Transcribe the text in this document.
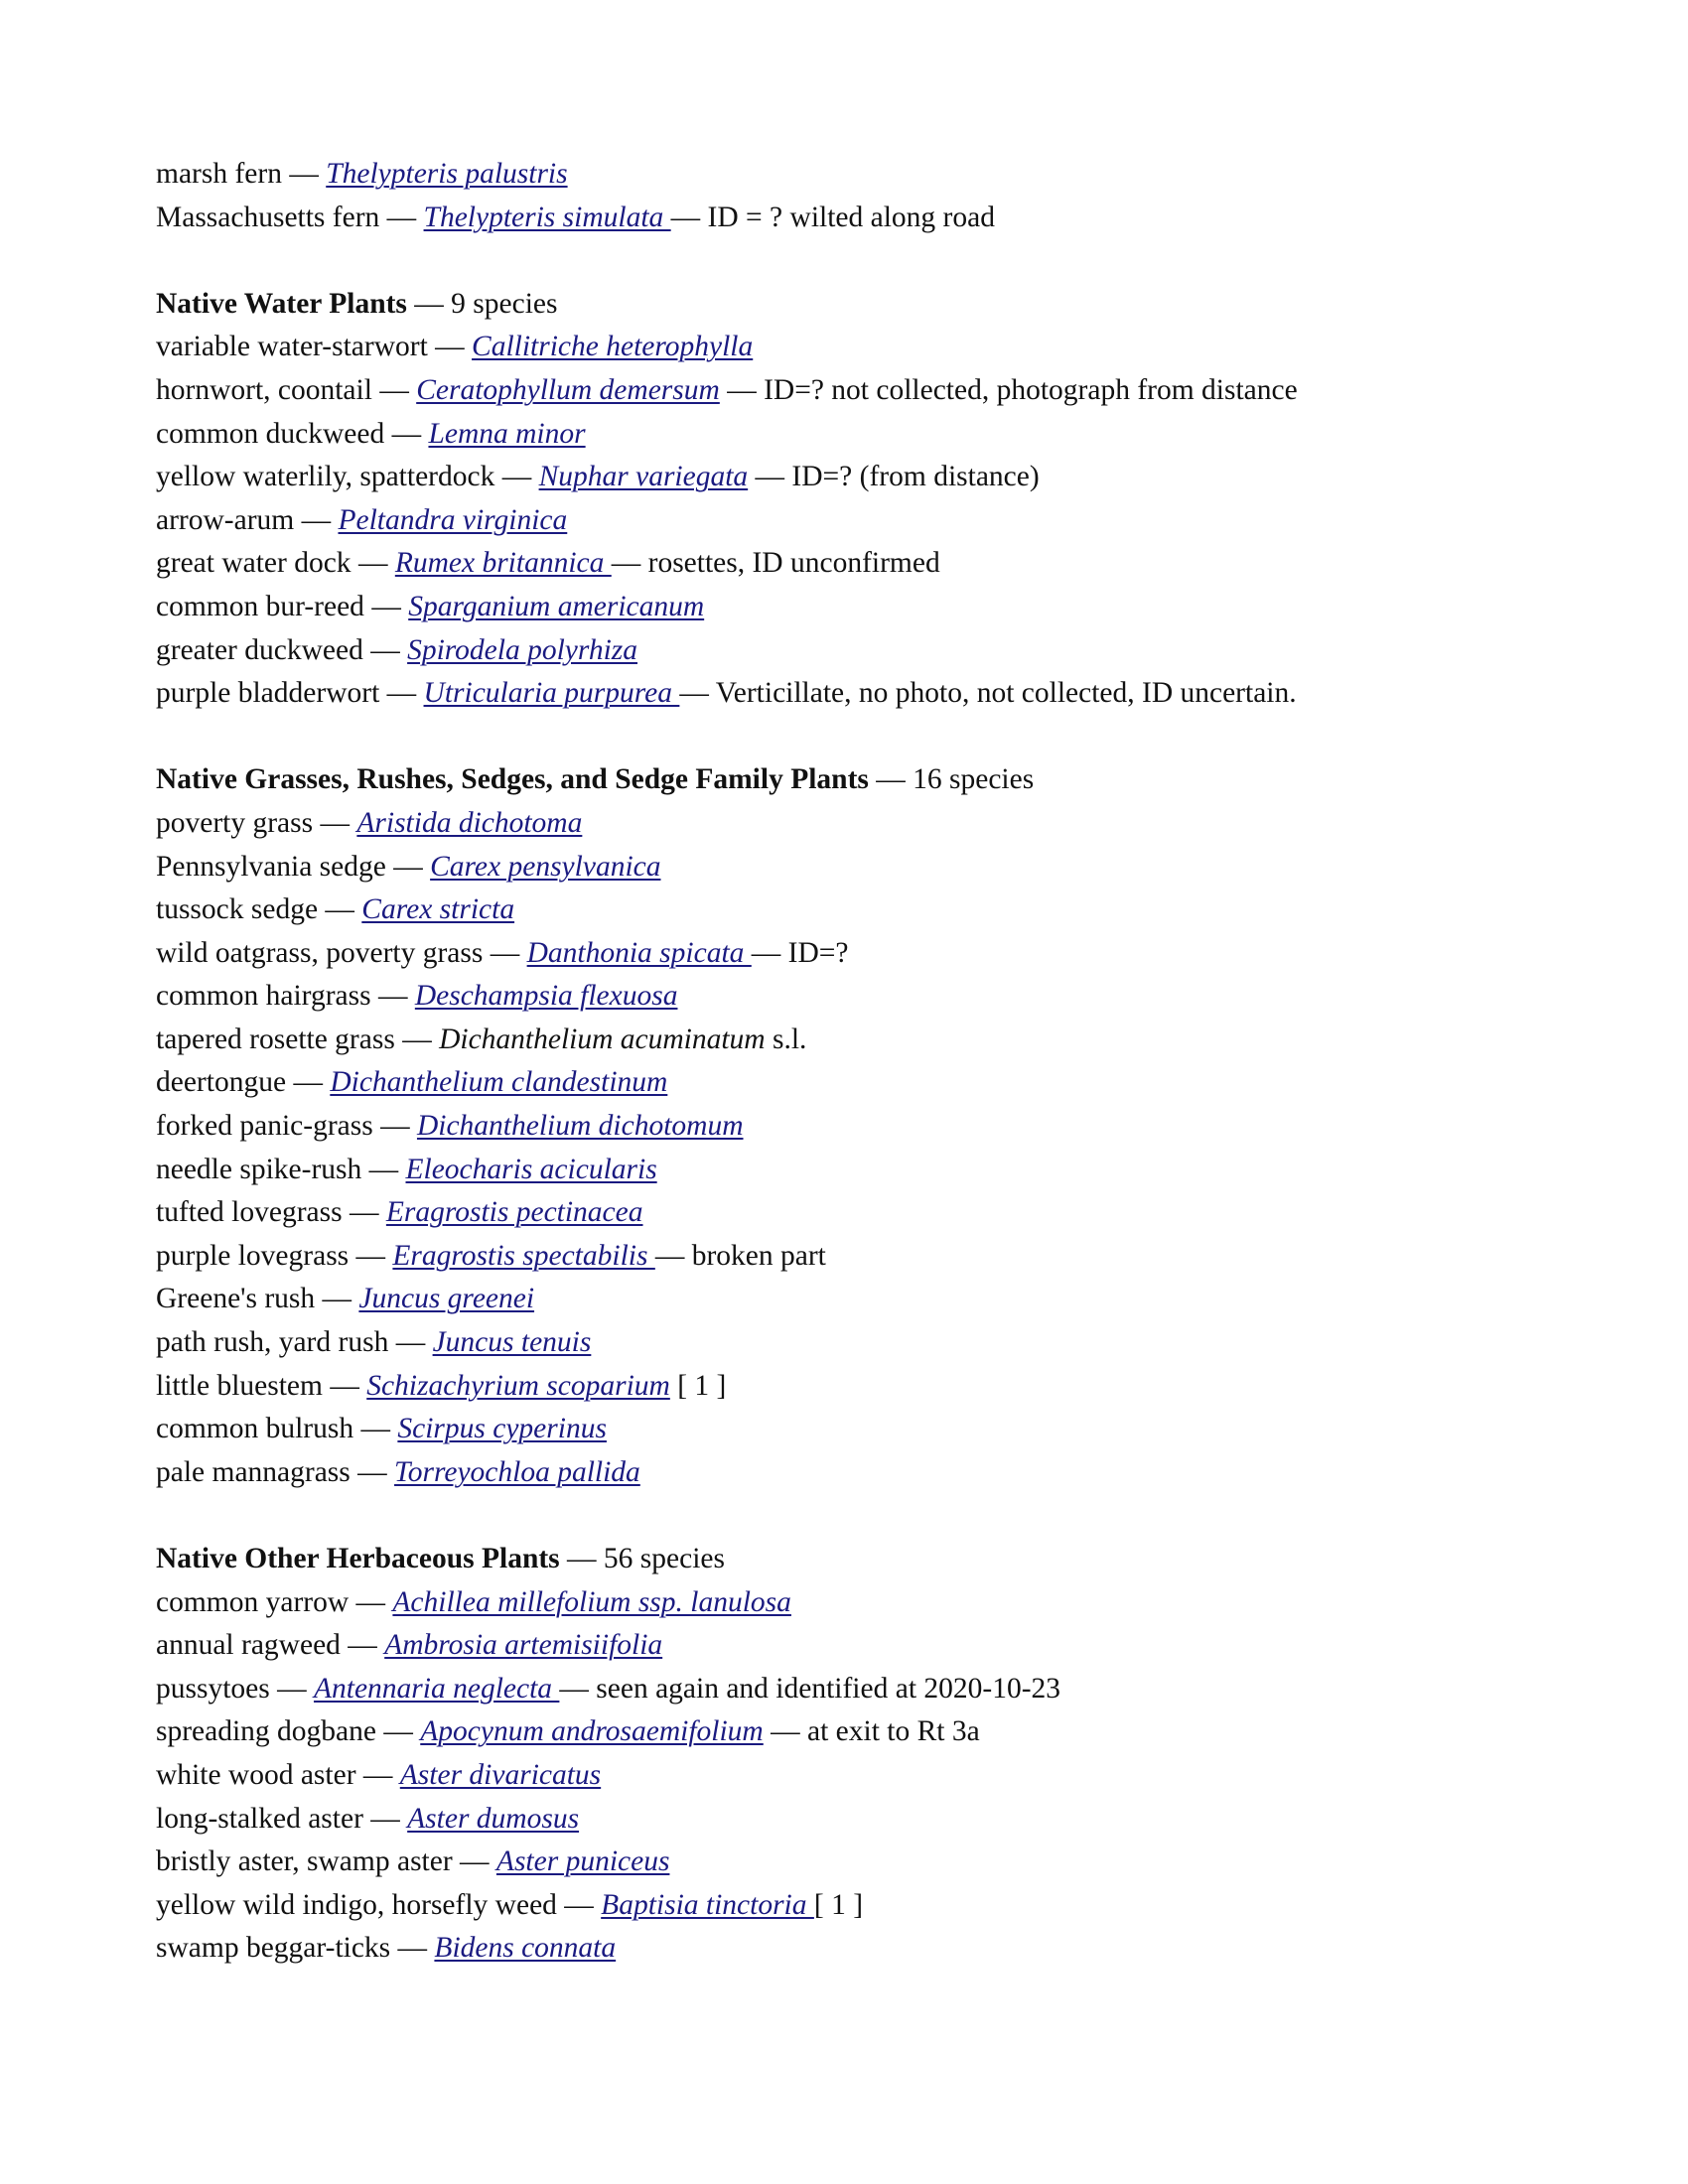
marsh fern — Thelypteris palustris
Massachusetts fern — Thelypteris simulata — ID = ? wilted along road
Native Water Plants — 9 species
variable water-starwort — Callitriche heterophylla
hornwort, coontail — Ceratophyllum demersum — ID=? not collected, photograph from distance
common duckweed — Lemna minor
yellow waterlily, spatterdock — Nuphar variegata — ID=? (from distance)
arrow-arum — Peltandra virginica
great water dock — Rumex britannica — rosettes, ID unconfirmed
common bur-reed — Sparganium americanum
greater duckweed — Spirodela polyrhiza
purple bladderwort — Utricularia purpurea — Verticillate, no photo, not collected, ID uncertain.
Native Grasses, Rushes, Sedges, and Sedge Family Plants — 16 species
poverty grass — Aristida dichotoma
Pennsylvania sedge — Carex pensylvanica
tussock sedge — Carex stricta
wild oatgrass, poverty grass — Danthonia spicata — ID=?
common hairgrass — Deschampsia flexuosa
tapered rosette grass — Dichanthelium acuminatum s.l.
deertongue — Dichanthelium clandestinum
forked panic-grass — Dichanthelium dichotomum
needle spike-rush — Eleocharis acicularis
tufted lovegrass — Eragrostis pectinacea
purple lovegrass — Eragrostis spectabilis — broken part
Greene's rush — Juncus greenei
path rush, yard rush — Juncus tenuis
little bluestem — Schizachyrium scoparium [ 1 ]
common bulrush — Scirpus cyperinus
pale mannagrass — Torreyochloa pallida
Native Other Herbaceous Plants — 56 species
common yarrow — Achillea millefolium ssp. lanulosa
annual ragweed — Ambrosia artemisiifolia
pussytoes — Antennaria neglecta — seen again and identified at 2020-10-23
spreading dogbane — Apocynum androsaemifolium — at exit to Rt 3a
white wood aster — Aster divaricatus
long-stalked aster — Aster dumosus
bristly aster, swamp aster — Aster puniceus
yellow wild indigo, horsefly weed — Baptisia tinctoria [ 1 ]
swamp beggar-ticks — Bidens connata
